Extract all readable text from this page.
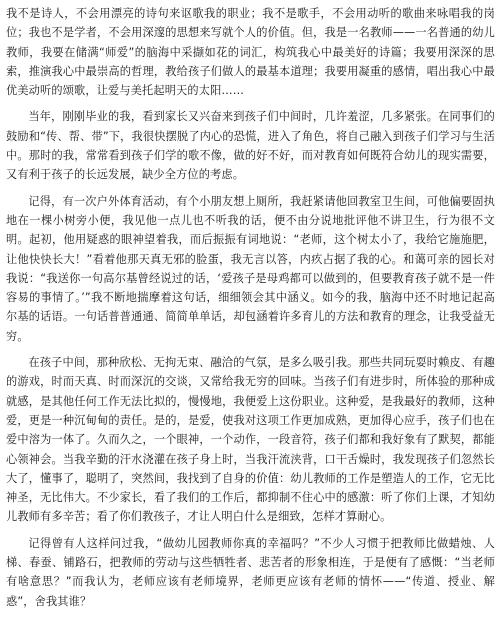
我不是诗人，不会用漂亮的诗句来讴歌我的职业；我不是歌手，不会用动听的歌曲来咏唱我的岗位；我也不是学者，不会用深邃的思想来写就个人的价值。但，我是一名教师——一名普通的幼儿教师，我要在储满“师爱”的脑海中采撷如花的词汇，构筑我心中最美好的诗篇；我要用深深的思索，推演我心中最崇高的哲理，教给孩子们做人的最基本道理；我要用凝重的感情，唱出我心中最优美动听的颂歌，让爱与美托起明天的太阳……

当年，刚刚毕业的我，看到家长又兴奋来到孩子们中间时，几许羞涩，几多紧张。在同事们的鼓励和“传、帮、带”下，我很快摆脱了内心的恐慌，进入了角色，将自己融入到孩子们学习与生活中。那时的我，常常看到孩子们学的歌不像，做的好不好，而对教育如何既符合幼儿的现实需要，又有利于孩子的长远发展，缺少全方位的考虑。

记得，有一次户外体育活动，有个小朋友想上厕所，我赶紧请他回教室卫生间，可他偏要固执地在一棵小树旁小便，我见他一点儿也不听我的话，便不由分说地批评他不讲卫生，行为很不文明。起初，他用疑惑的眼神望着我，而后振振有词地说：“老师，这个树太小了，我给它施施肥，让他快快长大！”看着他那天真无邪的脸蛋，我无言以答，内疚占据了我的心。和蔼可亲的园长对我说：“我送你一句高尔基曾经说过的话，‘爱孩子是母鸡都可以做到的，但要教育孩子就不是一件容易的事情了。’”我不断地揣摩着这句话，细细领会其中涵义。如今的我，脑海中还不时地记起高尔基的话语。一句话普普通通、简简单单话，却包涵着许多育儿的方法和教育的理念，让我受益无穷。

在孩子中间，那种欣松、无拘无束、融洽的气氛，是多么吸引我。那些共同玩耍时赖皮、有趣的游戏，时而天真、时而深沉的交谈，又常给我无穷的回味。当孩子们有进步时，所体验的那种成就感，是其他任何工作无法比拟的，慢慢地，我便爱上这份职业。这种爱，是我最好的教师，这种爱，更是一种沉甸甸的责任。是的，是爱，使我对这项工作更加成熟，更加得心应手，孩子们也在爱中溶为一体了。久而久之，一个眼神，一个动作，一段音符，孩子们都和我好象有了默契，都能心领神会。当我辛勤的汗水浇灌在孩子身上时，当我汗流浃背，口干舌燥时，我发现孩子们忽然长大了，懂事了，聪明了，突然间，我找到了自身的价值：幼儿教师的工作是塑造人的工作，它无比神圣，无比伟大。不少家长，看了我们的工作后，都抑制不住心中的感激：听了你们上课，才知幼儿教师有多辛苦；看了你们教孩子，才让人明白什么是细致，怎样才算耐心。

记得曾有人这样问过我，“做幼儿园教师你真的幸福吗？”不少人习惯于把教师比做蜡烛、人梯、春蚕、铺路石，把教师的劳动与这些牺牲者、悲苦者的形象相连，于是便有了感慨：“当老师有啥意思？”而我认为，老师应该有老师境界，老师更应该有老师的情怀——“传道、授业、解惑”，舍我其谁？
